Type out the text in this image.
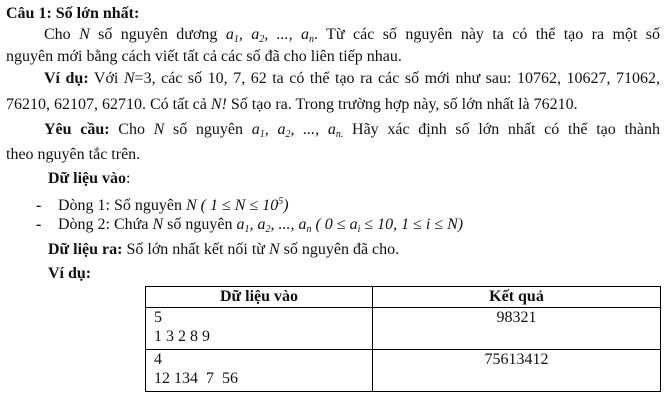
Câu 1: Số lớn nhất:
Cho N số nguyên dương $a_1$, $a_2$, ..., $a_n$. Từ các số nguyên này ta có thể tạo ra một số
nguyên mới bằng cách viết tất cả các số đã cho liên tiếp nhau.
Ví dụ: Với N=3, các số 10, 7, 62 ta có thể tạo ra các số mới như sau: 10762, 10627, 71062,
76210, 62107, 62710. Có tất cả N! Số tạo ra. Trong trường hợp này, số lớn nhất là 76210.
Yêu cầu: Cho N số nguyên $a_1$, $a_2$, ..., $a_{n.}$ Hãy xác định số lớn nhất có thể tạo thành
theo nguyên tắc trên.
Dữ liệu vào:
- Dòng 1: Số nguyên N ( $1 \le N \le 10^5$)
- Dòng 2: Chứa N số nguyên $a_1$, $a_2$, ..., $a_n$ ( $0 \le a_i \le 10$, 1 ≤ i ≤ N)
Dữ liệu ra: Số lớn nhất kết nối từ N số nguyên đã cho.
Ví dụ:
Dữ liệu vào	Kết quả

5
1 3 2 8 9	98321

4
12 134  7  56	75613412
